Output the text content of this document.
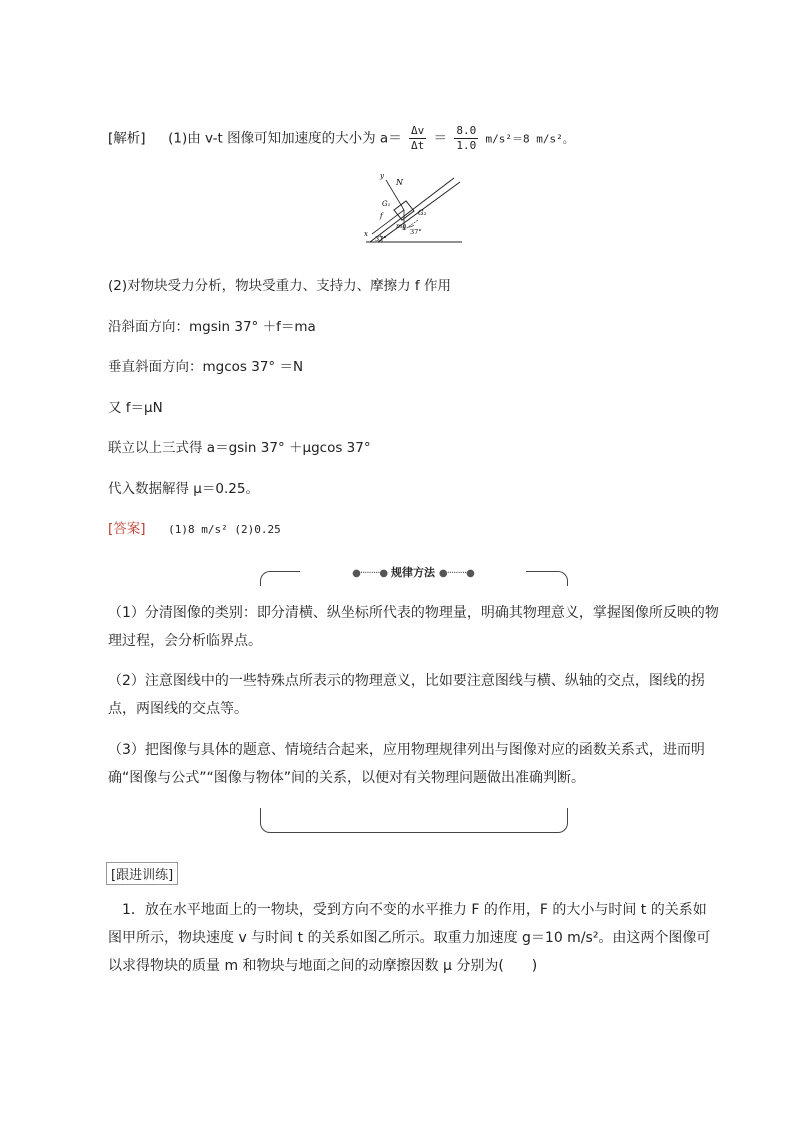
[解析] (1)由 v-t 图像可知加速度的大小为 $a= \frac{\Delta v}{\Delta t} = \frac{8.0}{1.0} m/s^2=8$ m/s²。
y
N
G₁
G₂
f
mg
x
37°
37°
(2)对物块受力分析，物块受重力、支持力、摩擦力 f 作用
沿斜面方向：mgsin 37° ＋f＝ma
垂直斜面方向：mgcos 37° ＝N
又 f＝μN
联立以上三式得 a＝gsin 37° ＋μgcos 37°
代入数据解得 μ＝0.25。
[答案] (1)8 m/s² (2)0.25
●·········● 规律方法 ●·········●
（1）分清图像的类别：即分清横、纵坐标所代表的物理量，明确其物理意义，掌握图像所反映的物理过程，会分析临界点。
（2）注意图线中的一些特殊点所表示的物理意义，比如要注意图线与横、纵轴的交点，图线的拐点，两图线的交点等。
（3）把图像与具体的题意、情境结合起来，应用物理规律列出与图像对应的函数关系式，进而明确“图像与公式”“图像与物体”间的关系，以便对有关物理问题做出准确判断。
[跟进训练]
1．放在水平地面上的一物块，受到方向不变的水平推力 F 的作用，F 的大小与时间 t 的关系如图甲所示，物块速度 v 与时间 t 的关系如图乙所示。取重力加速度 g＝10 m/s²。由这两个图像可以求得物块的质量 m 和物块与地面之间的动摩擦因数 μ 分别为(　　)
